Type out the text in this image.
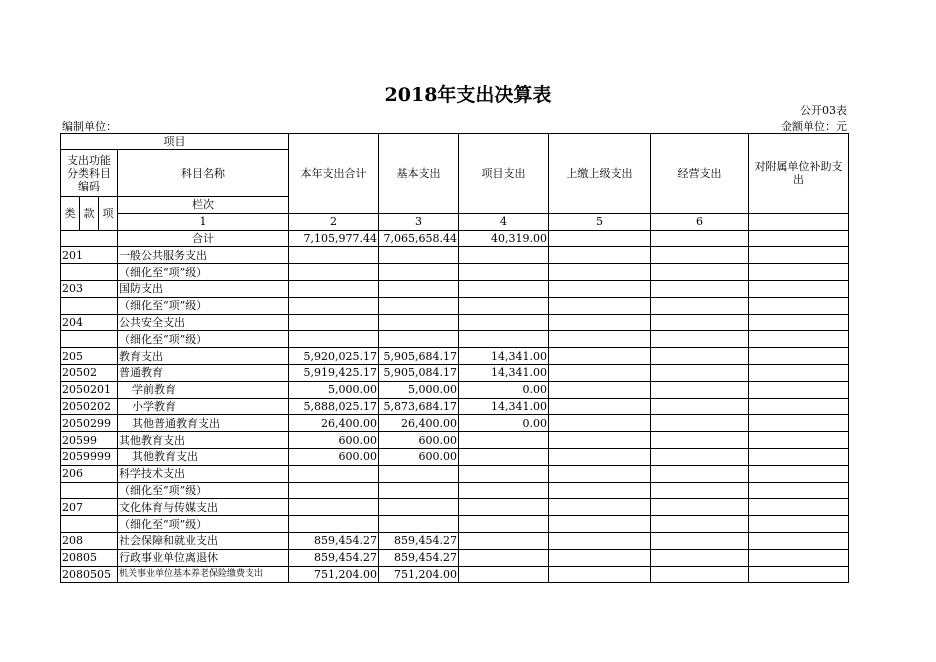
2018年支出决算表
公开03表
编制单位：	金额单位：元
项目				本年支出合计	基本支出	项目支出	上缴上级支出	经营支出	对附属单位补助支出
支出功能分类科目编码			科目名称						

类	款	项	栏次						
			1	2	3	4	5	6	
			合计	7,105,977.44	7,065,658.44	40,319.00			
201			一般公共服务支出						
			（细化至“项”级）						
203			国防支出						
			（细化至“项”级）						
204			公共安全支出						
			（细化至“项”级）						
205			教育支出	5,920,025.17	5,905,684.17	14,341.00			
20502			普通教育	5,919,425.17	5,905,084.17	14,341.00			
2050201			学前教育	5,000.00	5,000.00	0.00			
2050202			小学教育	5,888,025.17	5,873,684.17	14,341.00			
2050299			其他普通教育支出	26,400.00	26,400.00	0.00			
20599			其他教育支出	600.00	600.00				
2059999			其他教育支出	600.00	600.00				
206			科学技术支出						
			（细化至“项”级）						
207			文化体育与传媒支出						
			（细化至“项”级）						
208			社会保障和就业支出	859,454.27	859,454.27				
20805			行政事业单位离退休	859,454.27	859,454.27				
2080505			机关事业单位基本养老保险缴费支出	751,204.00	751,204.00				
